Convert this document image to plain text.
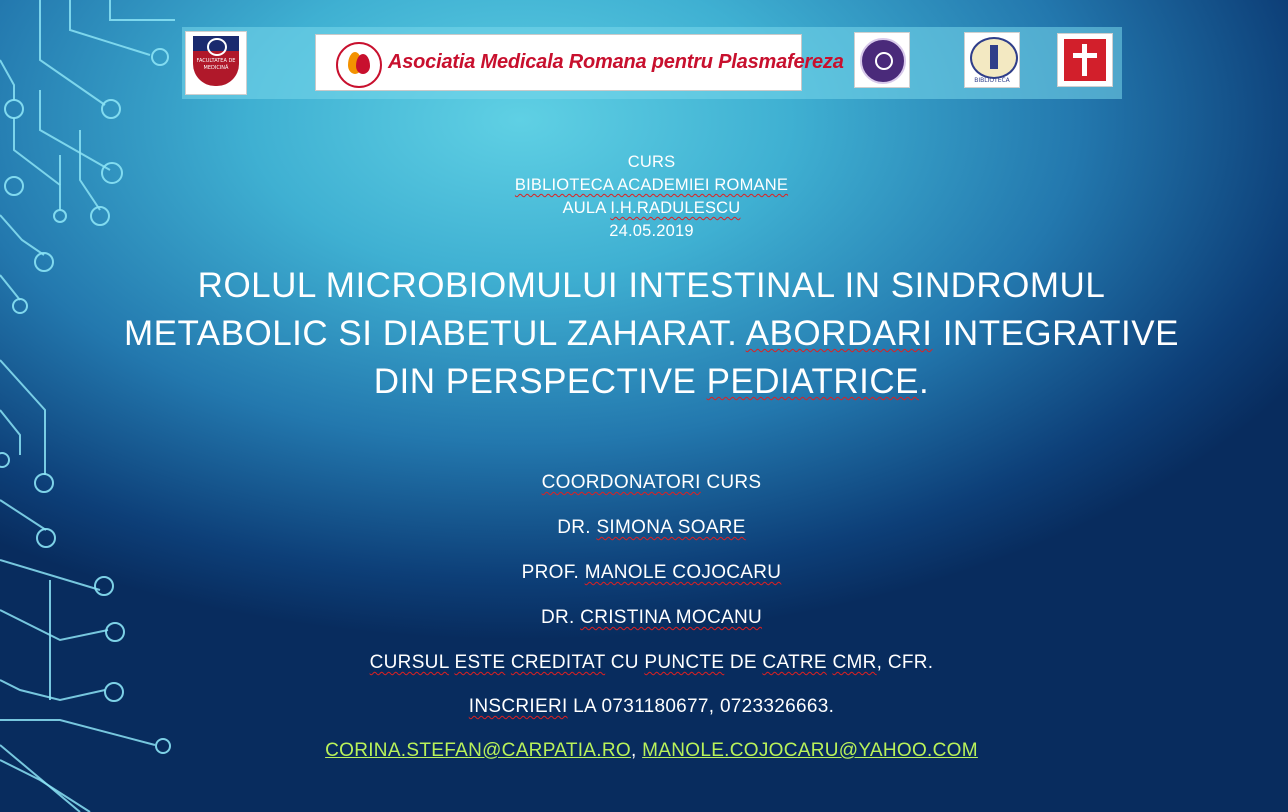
FACULTATEA DE MEDICINĂ	Asociatia Medicala Romana pentru Plasmafereza
BIBLIOTECA
CURS
BIBLIOTECA ACADEMIEI ROMANE
AULA I.H.RADULESCU
24.05.2019
ROLUL MICROBIOMULUI INTESTINAL IN SINDROMUL
METABOLIC SI DIABETUL ZAHARAT. ABORDARI INTEGRATIVE
DIN PERSPECTIVE PEDIATRICE.
COORDONATORI CURS
DR. SIMONA SOARE
PROF. MANOLE COJOCARU
DR. CRISTINA MOCANU
CURSUL ESTE CREDITAT CU PUNCTE DE CATRE CMR, CFR.
INSCRIERI LA 0731180677, 0723326663.
CORINA.STEFAN@CARPATIA.RO, MANOLE.COJOCARU@YAHOO.COM
